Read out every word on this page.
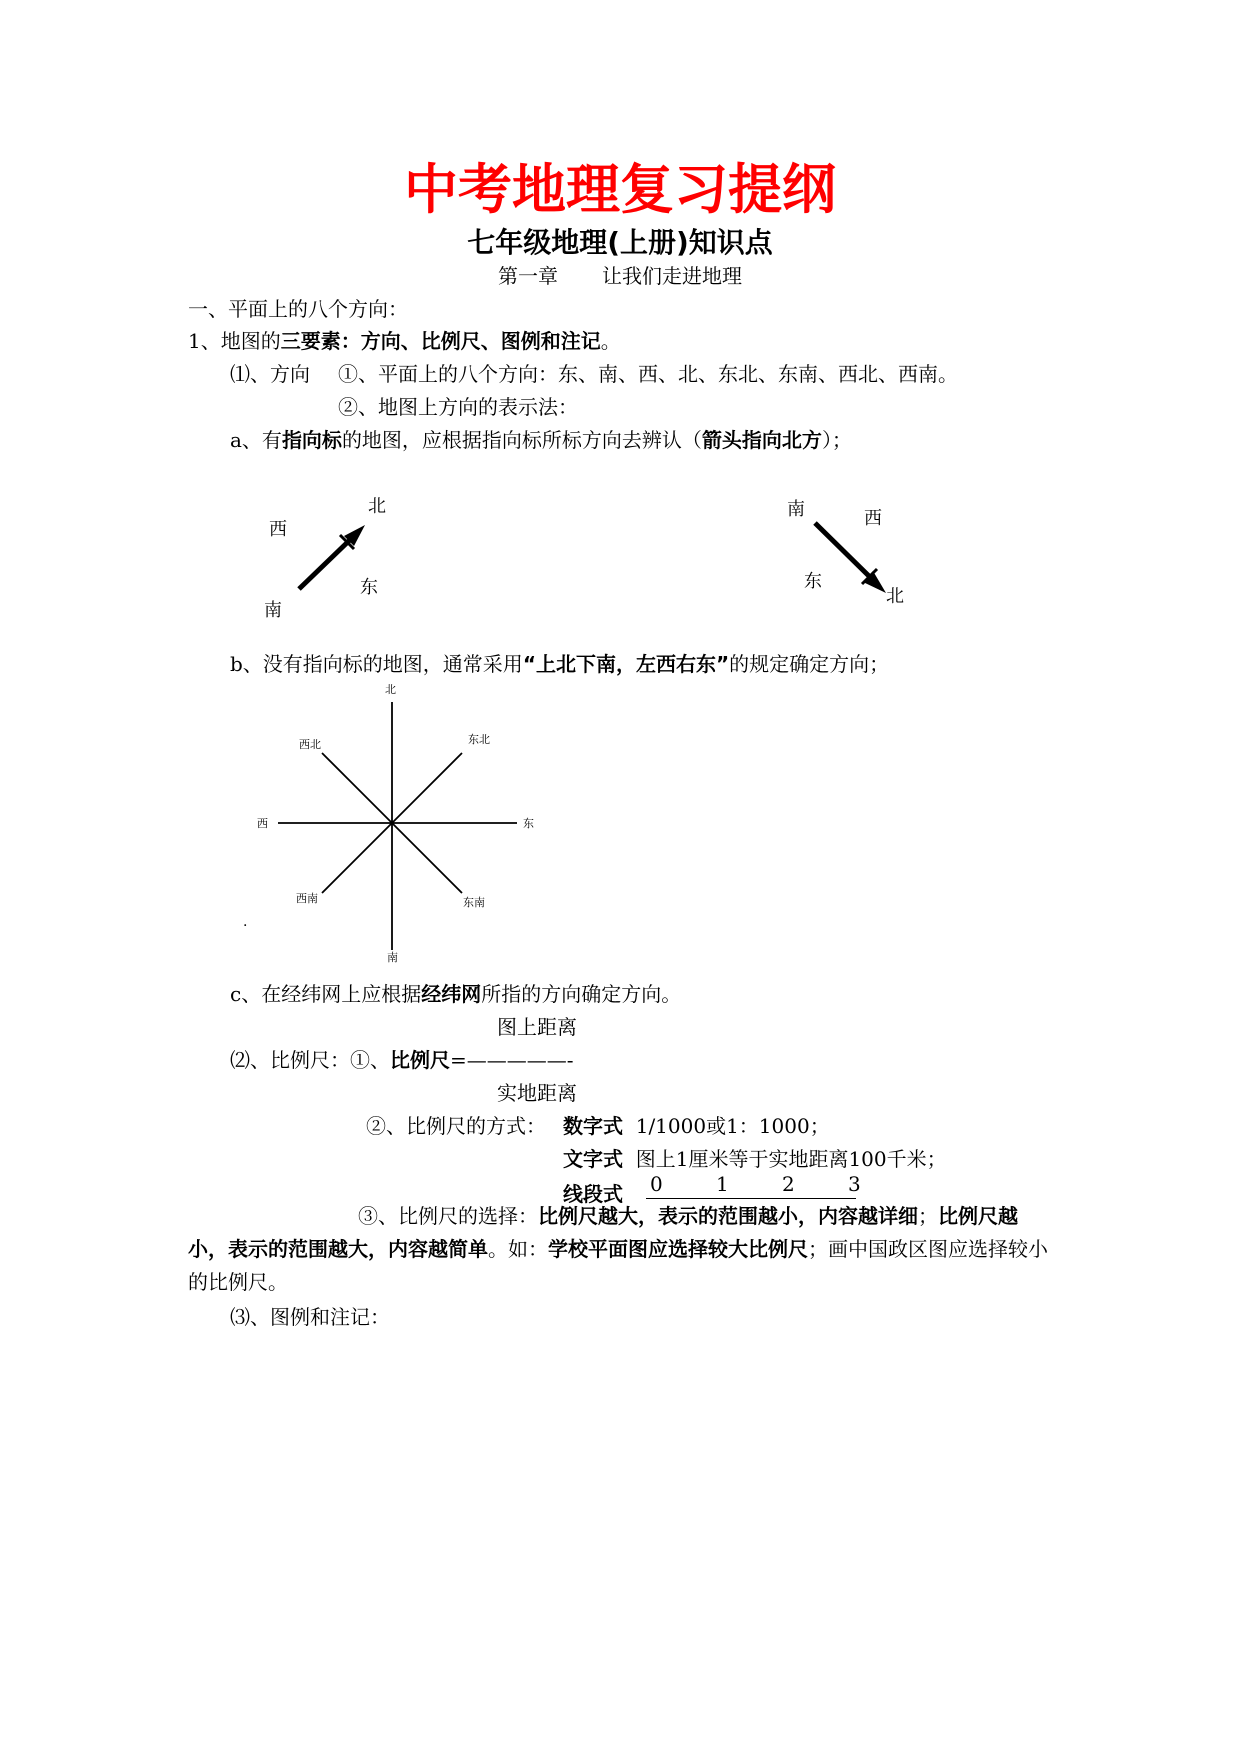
中考地理复习提纲
七年级地理(上册)知识点
第一章 让我们走进地理
一、平面上的八个方向：
1、地图的三要素：方向、比例尺、图例和注记。
⑴、方向 ①、平面上的八个方向：东、南、西、北、东北、东南、西北、西南。
②、地图上方向的表示法：
a、有指向标的地图，应根据指向标所标方向去辨认（箭头指向北方）；
北
西
东
南
南	西
东
北
b、没有指向标的地图，通常采用“上北下南，左西右东”的规定确定方向；
北
东北
东
东南
南
西南
西
西北
·
c、在经纬网上应根据经纬网所指的方向确定方向。
图上距离
⑵、比例尺：①、比例尺=—————-
实地距离
②、比例尺的方式： 数字式 1/1000或1：1000；
文字式 图上1厘米等于实地距离100千米；
线段式 0	1	2	3
③、比例尺的选择：比例尺越大，表示的范围越小，内容越详细；比例尺越小，表示的范围越大，内容越简单。如：学校平面图应选择较大比例尺；画中国政区图应选择较小的比例尺。
⑶、图例和注记：
